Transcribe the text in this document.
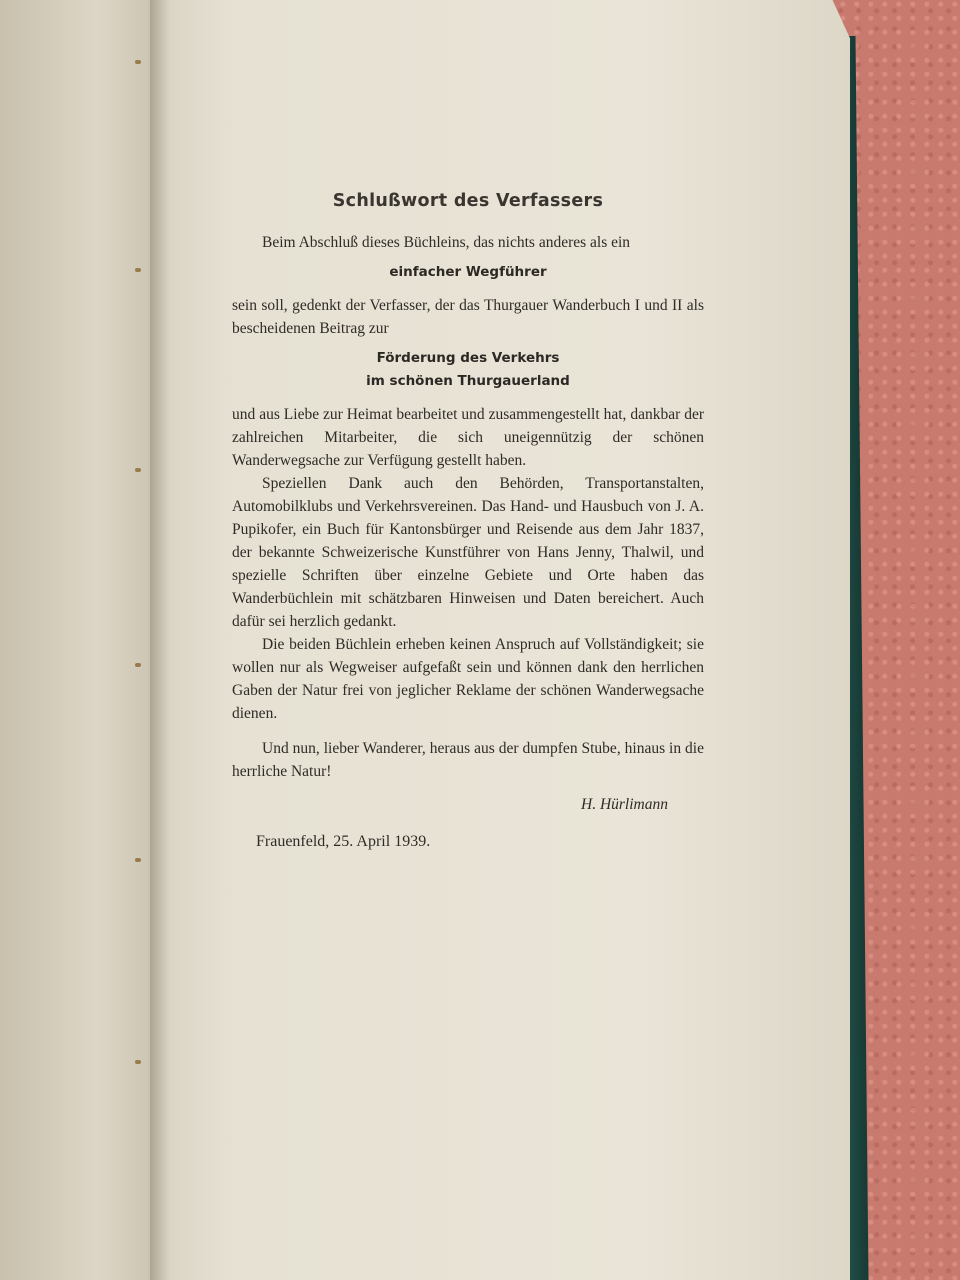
Schlußwort des Verfassers

Beim Abschluß dieses Büchleins, das nichts anderes als ein

einfacher Wegführer

sein soll, gedenkt der Verfasser, der das Thurgauer Wanderbuch I und II als bescheidenen Beitrag zur

Förderung des Verkehrs
im schönen Thurgauerland

und aus Liebe zur Heimat bearbeitet und zusammengestellt hat, dankbar der zahlreichen Mitarbeiter, die sich uneigennützig der schönen Wanderwegsache zur Verfügung gestellt haben.

Speziellen Dank auch den Behörden, Transportanstalten, Automobilklubs und Verkehrsvereinen. Das Hand- und Hausbuch von J. A. Pupikofer, ein Buch für Kantonsbürger und Reisende aus dem Jahr 1837, der bekannte Schweizerische Kunstführer von Hans Jenny, Thalwil, und spezielle Schriften über einzelne Gebiete und Orte haben das Wanderbüchlein mit schätzbaren Hinweisen und Daten bereichert. Auch dafür sei herzlich gedankt.

Die beiden Büchlein erheben keinen Anspruch auf Vollständigkeit; sie wollen nur als Wegweiser aufgefaßt sein und können dank den herrlichen Gaben der Natur frei von jeglicher Reklame der schönen Wanderwegsache dienen.

Und nun, lieber Wanderer, heraus aus der dumpfen Stube, hinaus in die herrliche Natur!

H. Hürlimann

Frauenfeld, 25. April 1939.
